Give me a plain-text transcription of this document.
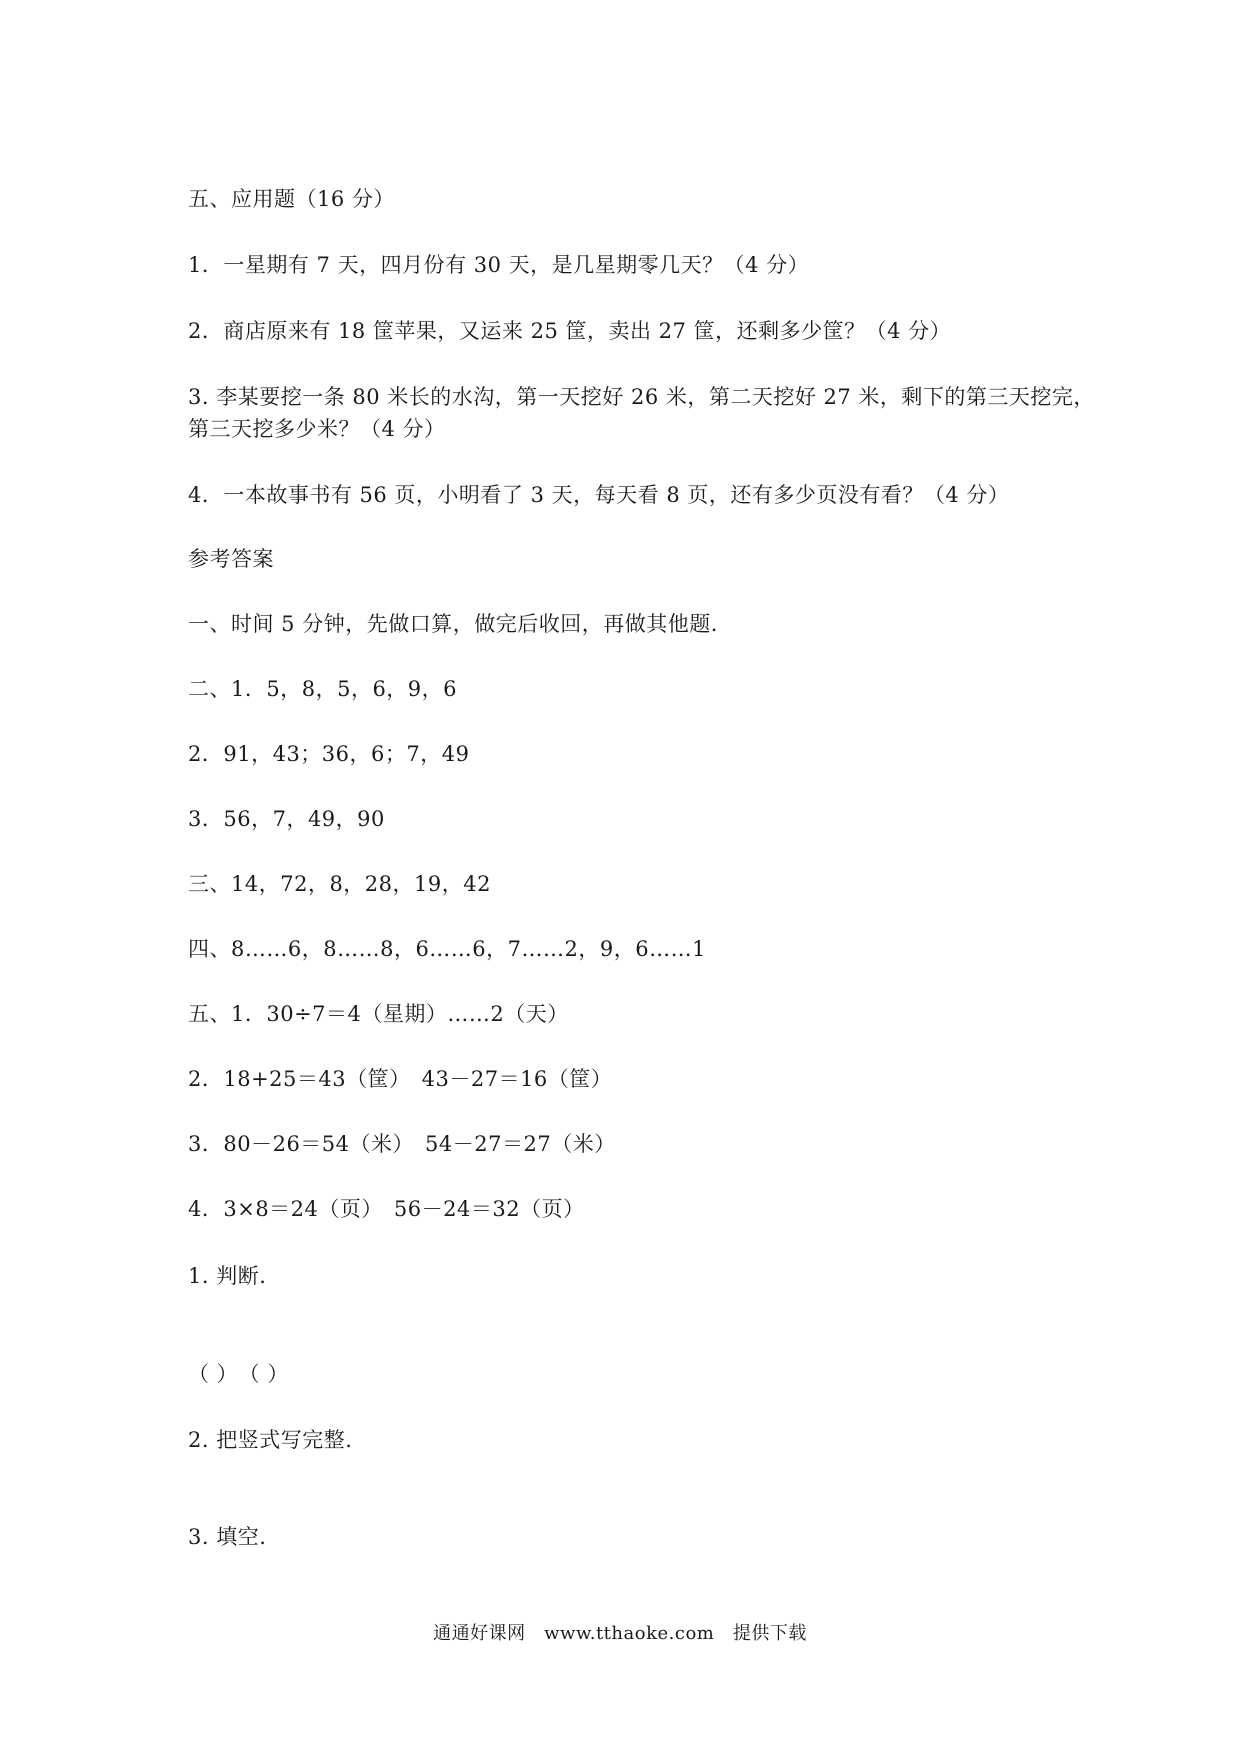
五、应用题（16 分）
1．一星期有 7 天，四月份有 30 天，是几星期零几天？（4 分）
2．商店原来有 18 筐苹果，又运来 25 筐，卖出 27 筐，还剩多少筐？（4 分）
3. 李某要挖一条 80 米长的水沟，第一天挖好 26 米，第二天挖好 27 米，剩下的第三天挖完，
第三天挖多少米？（4 分）
4．一本故事书有 56 页，小明看了 3 天，每天看 8 页，还有多少页没有看？（4 分）
参考答案
一、时间 5 分钟，先做口算，做完后收回，再做其他题.
二、1．5，8，5，6，9，6
2．91，43；36，6；7，49
3．56，7，49，90
三、14，72，8，28，19，42
四、8……6，8……8，6……6，7……2，9，6……1
五、1．30÷7＝4（星期）……2（天）
2．18+25＝43（筐）　43－27＝16（筐）
3．80－26＝54（米）　54－27＝27（米）
4．3×8＝24（页）　56－24＝32（页）
1. 判断.
（ ）　（ ）
2. 把竖式写完整.
3. 填空.
通通好课网　www.tthaoke.com　提供下载
